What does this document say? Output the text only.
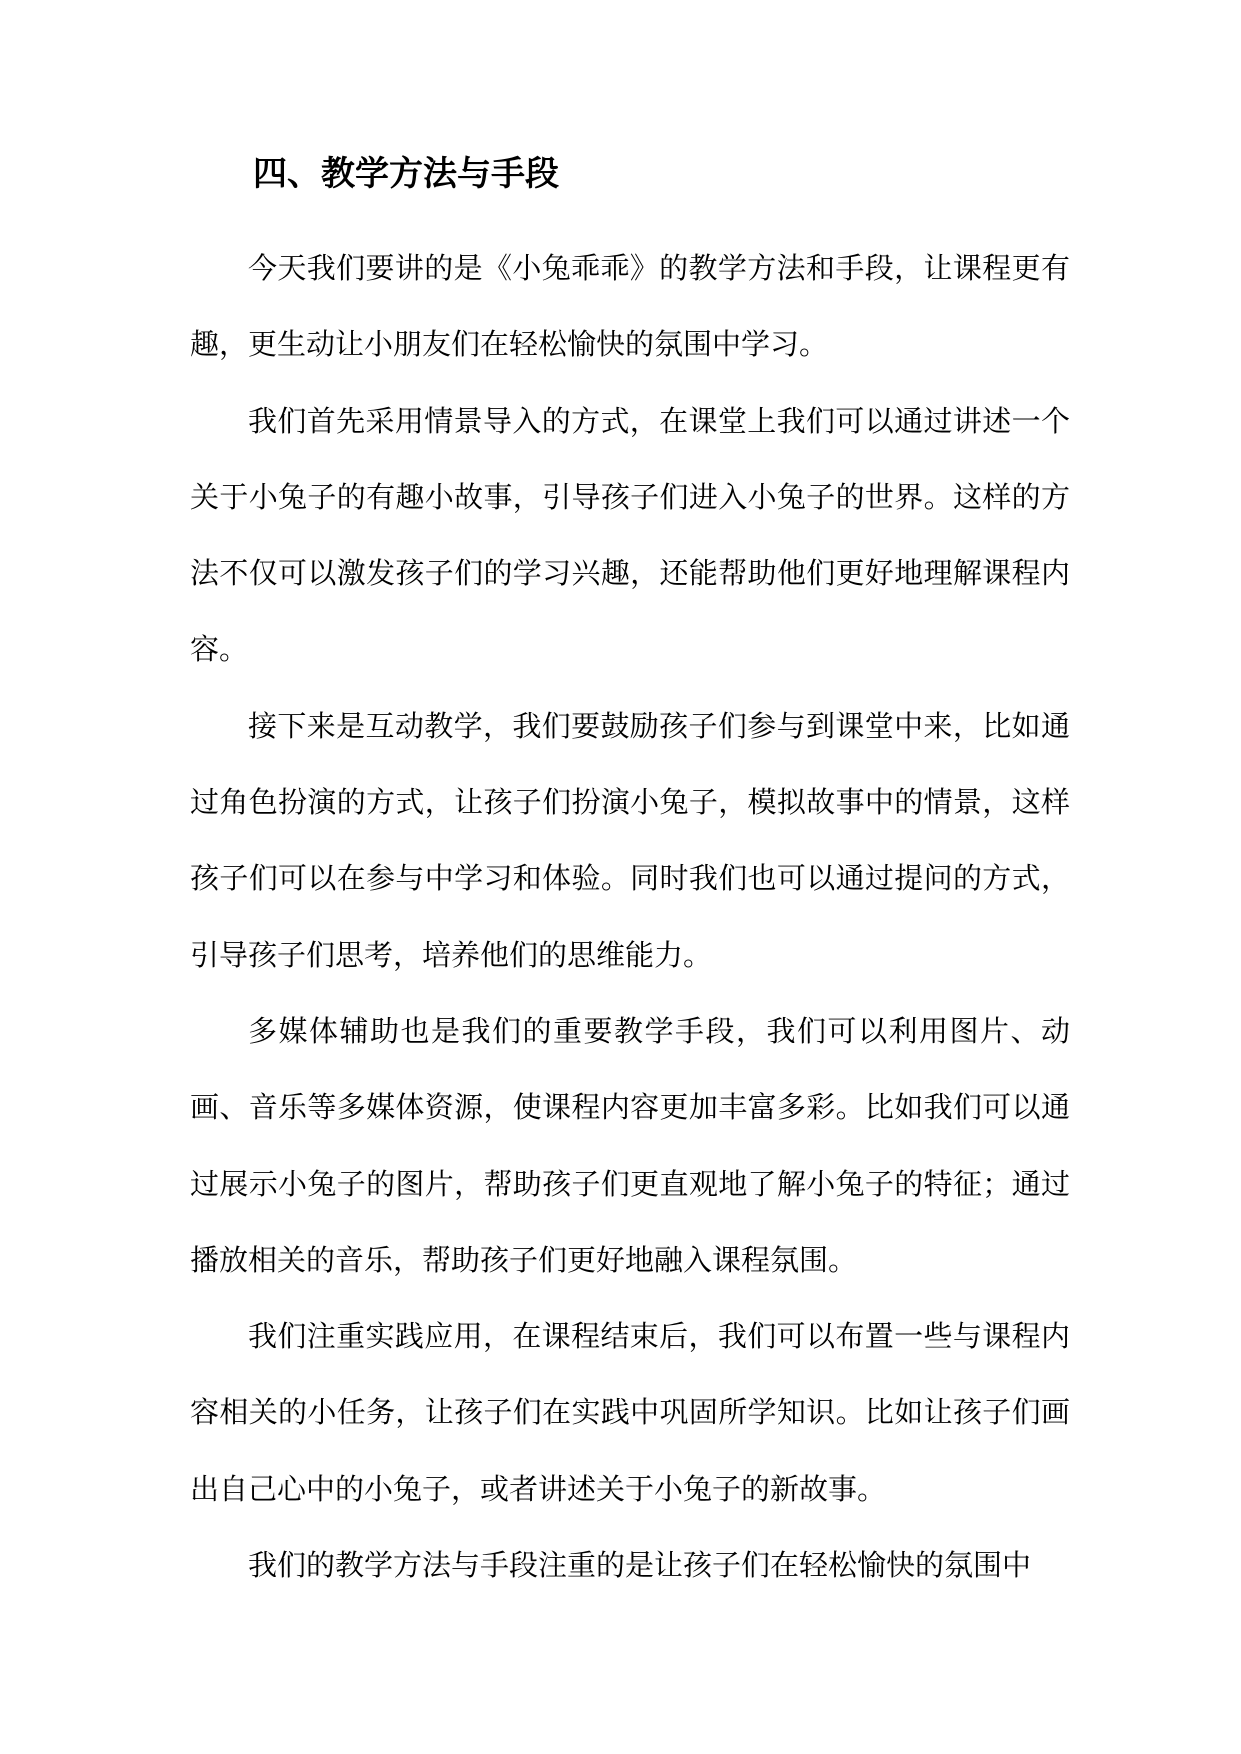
四、教学方法与手段

今天我们要讲的是《小兔乖乖》的教学方法和手段，让课程更有趣，更生动让小朋友们在轻松愉快的氛围中学习。

我们首先采用情景导入的方式，在课堂上我们可以通过讲述一个关于小兔子的有趣小故事，引导孩子们进入小兔子的世界。这样的方法不仅可以激发孩子们的学习兴趣，还能帮助他们更好地理解课程内容。

接下来是互动教学，我们要鼓励孩子们参与到课堂中来，比如通过角色扮演的方式，让孩子们扮演小兔子，模拟故事中的情景，这样孩子们可以在参与中学习和体验。同时我们也可以通过提问的方式，引导孩子们思考，培养他们的思维能力。

多媒体辅助也是我们的重要教学手段，我们可以利用图片、动画、音乐等多媒体资源，使课程内容更加丰富多彩。比如我们可以通过展示小兔子的图片，帮助孩子们更直观地了解小兔子的特征；通过播放相关的音乐，帮助孩子们更好地融入课程氛围。

我们注重实践应用，在课程结束后，我们可以布置一些与课程内容相关的小任务，让孩子们在实践中巩固所学知识。比如让孩子们画出自己心中的小兔子，或者讲述关于小兔子的新故事。

我们的教学方法与手段注重的是让孩子们在轻松愉快的氛围中
